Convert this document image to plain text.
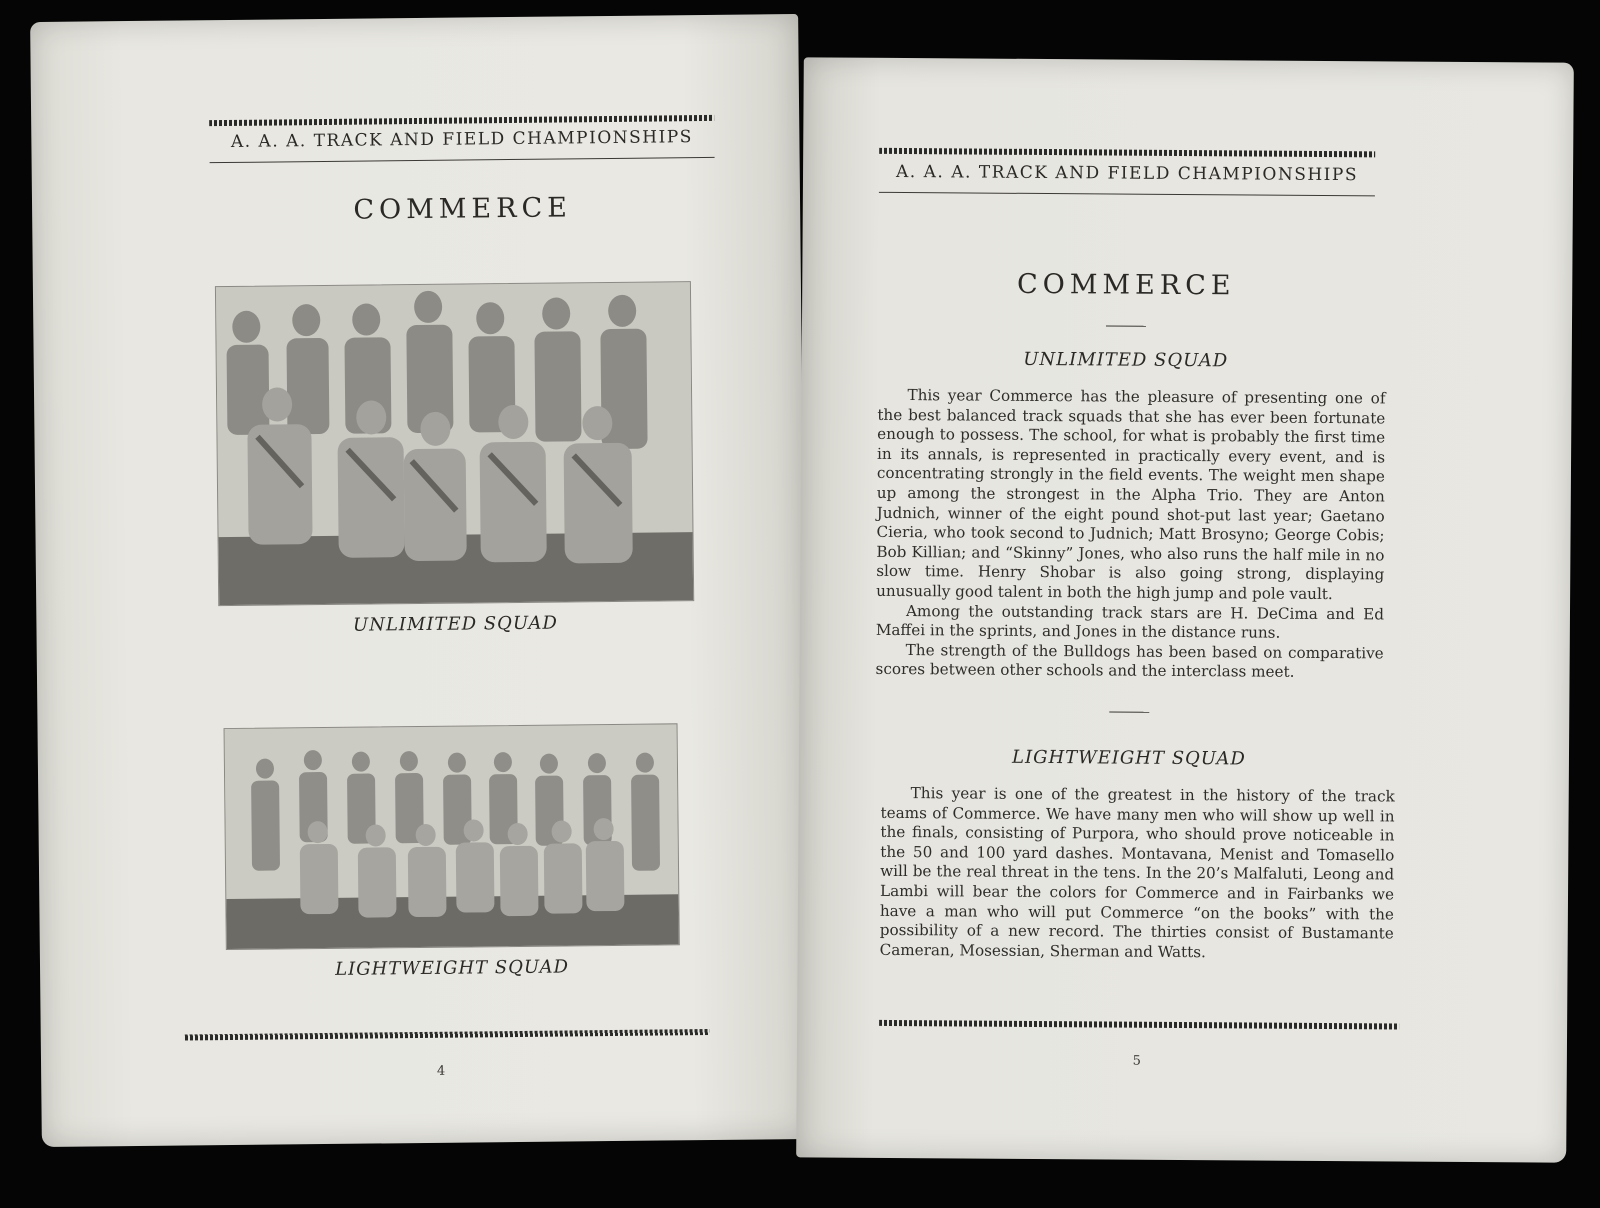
A. A. A. TRACK AND FIELD CHAMPIONSHIPS
COMMERCE
UNLIMITED SQUAD
LIGHTWEIGHT SQUAD
4
A. A. A. TRACK AND FIELD CHAMPIONSHIPS
COMMERCE
UNLIMITED SQUAD

This year Commerce has the pleasure of presenting one of the best balanced track squads that she has ever been fortunate enough to possess. The school, for what is probably the first time in its annals, is represented in practically every event, and is concentrating strongly in the field events. The weight men shape up among the strongest in the Alpha Trio. They are Anton Judnich, winner of the eight pound shot-put last year; Gaetano Cieria, who took second to Judnich; Matt Brosyno; George Cobis; Bob Killian; and “Skinny” Jones, who also runs the half mile in no slow time. Henry Shobar is also going strong, displaying unusually good talent in both the high jump and pole vault.

Among the outstanding track stars are H. DeCima and Ed Maffei in the sprints, and Jones in the distance runs.

The strength of the Bulldogs has been based on comparative scores between other schools and the interclass meet.

LIGHTWEIGHT SQUAD

This year is one of the greatest in the history of the track teams of Commerce. We have many men who will show up well in the finals, consisting of Purpora, who should prove noticeable in the 50 and 100 yard dashes. Montavana, Menist and Tomasello will be the real threat in the tens. In the 20’s Malfaluti, Leong and Lambi will bear the colors for Commerce and in Fairbanks we have a man who will put Commerce “on the books” with the possibility of a new record. The thirties consist of Bustamante Cameran, Mosessian, Sherman and Watts.

5
